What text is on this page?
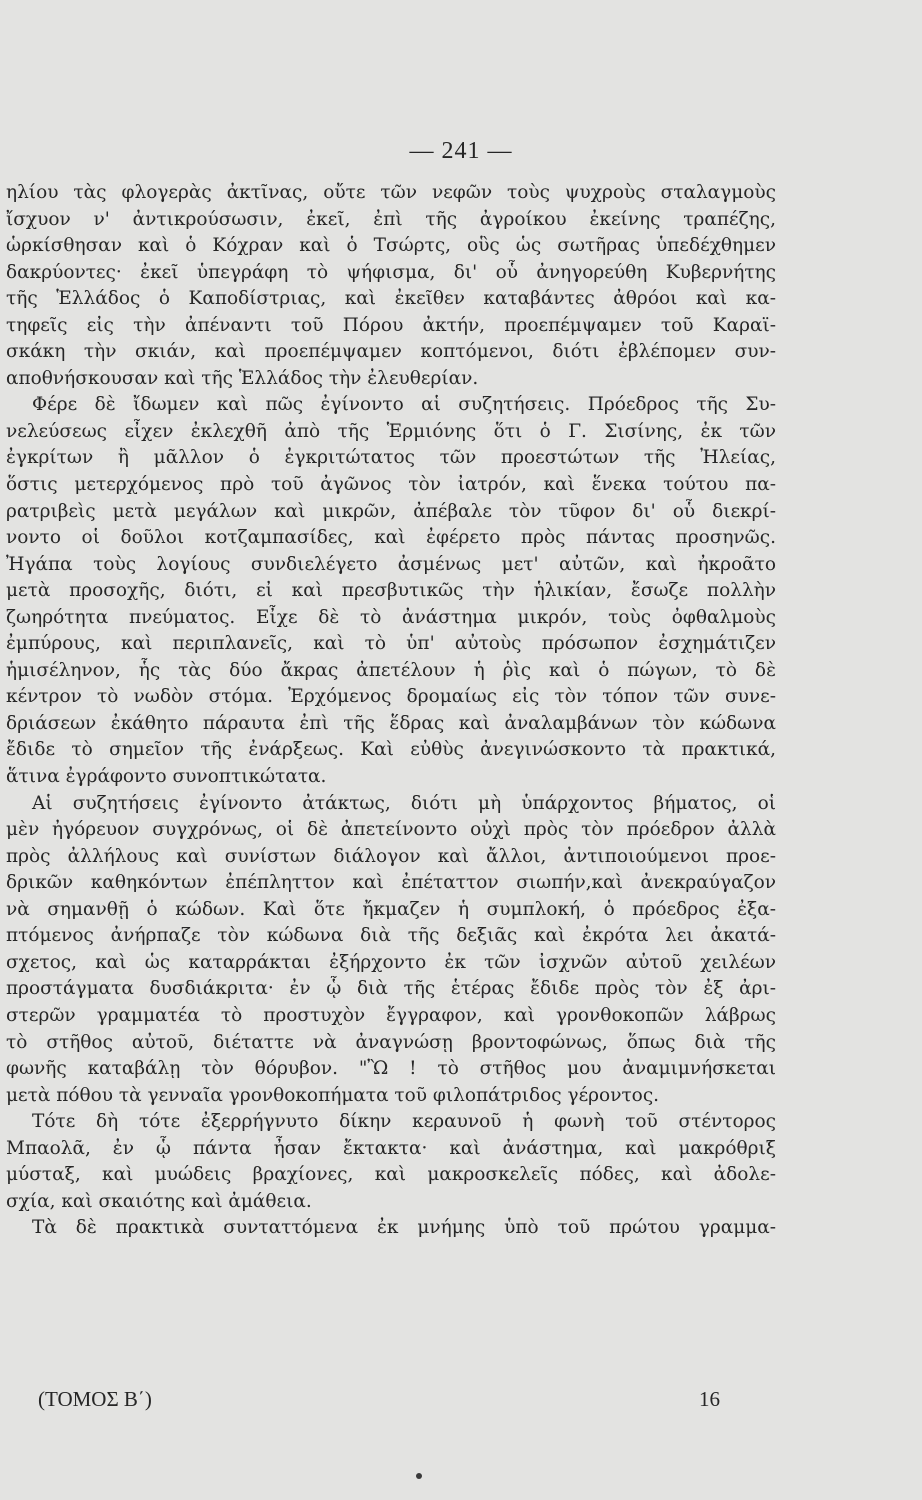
— 241 —
ηλίου τὰς φλογερὰς ἀκτῖνας, οὔτε τῶν νεφῶν τοὺς ψυχροὺς σταλαγμοὺς
ἴσχυον ν' ἀντικρούσωσιν, ἐκεῖ, ἐπὶ τῆς ἀγροίκου ἐκείνης τραπέζης,
ὡρκίσθησαν καὶ ὁ Κόχραν καὶ ὁ Τσώρτς, οὓς ὡς σωτῆρας ὑπεδέχθημεν
δακρύοντες· ἐκεῖ ὑπεγράφη τὸ ψήφισμα, δι' οὗ ἀνηγορεύθη Κυβερνήτης
τῆς Ἑλλάδος ὁ Καποδίστριας, καὶ ἐκεῖθεν καταβάντες ἀθρόοι καὶ κα-
τηφεῖς εἰς τὴν ἀπέναντι τοῦ Πόρου ἀκτήν, προεπέμψαμεν τοῦ Καραϊ-
σκάκη τὴν σκιάν, καὶ προεπέμψαμεν κοπτόμενοι, διότι ἐβλέπομεν συν-
αποθνήσκουσαν καὶ τῆς Ἑλλάδος τὴν ἐλευθερίαν.
Φέρε δὲ ἴδωμεν καὶ πῶς ἐγίνοντο αἱ συζητήσεις. Πρόεδρος τῆς Συ-
νελεύσεως εἶχεν ἐκλεχθῆ ἀπὸ τῆς Ἑρμιόνης ὅτι ὁ Γ. Σισίνης, ἐκ τῶν
ἐγκρίτων ἢ μᾶλλον ὁ ἐγκριτώτατος τῶν προεστώτων τῆς Ἠλείας,
ὅστις μετερχόμενος πρὸ τοῦ ἀγῶνος τὸν ἰατρόν, καὶ ἕνεκα τούτου πα-
ρατριβεὶς μετὰ μεγάλων καὶ μικρῶν, ἀπέβαλε τὸν τῦφον δι' οὗ διεκρί-
νοντο οἱ δοῦλοι κοτζαμπασίδες, καὶ ἐφέρετο πρὸς πάντας προσηνῶς.
Ἠγάπα τοὺς λογίους συνδιελέγετο ἀσμένως μετ' αὐτῶν, καὶ ἠκροᾶτο
μετὰ προσοχῆς, διότι, εἰ καὶ πρεσβυτικῶς τὴν ἡλικίαν, ἔσωζε πολλὴν
ζωηρότητα πνεύματος. Εἶχε δὲ τὸ ἀνάστημα μικρόν, τοὺς ὀφθαλμοὺς
ἐμπύρους, καὶ περιπλανεῖς, καὶ τὸ ὑπ' αὐτοὺς πρόσωπον ἐσχημάτιζεν
ἡμισέληνον, ἧς τὰς δύο ἄκρας ἀπετέλουν ἡ ῥὶς καὶ ὁ πώγων, τὸ δὲ
κέντρον τὸ νωδὸν στόμα. Ἐρχόμενος δρομαίως εἰς τὸν τόπον τῶν συνε-
δριάσεων ἐκάθητο πάραυτα ἐπὶ τῆς ἕδρας καὶ ἀναλαμβάνων τὸν κώδωνα
ἔδιδε τὸ σημεῖον τῆς ἐνάρξεως. Καὶ εὐθὺς ἀνεγινώσκοντο τὰ πρακτικά,
ἅτινα ἐγράφοντο συνοπτικώτατα.
Αἱ συζητήσεις ἐγίνοντο ἀτάκτως, διότι μὴ ὑπάρχοντος βήματος, οἱ
μὲν ἠγόρευον συγχρόνως, οἱ δὲ ἀπετείνοντο οὐχὶ πρὸς τὸν πρόεδρον ἀλλὰ
πρὸς ἀλλήλους καὶ συνίστων διάλογον καὶ ἄλλοι, ἀντιποιούμενοι προε-
δρικῶν καθηκόντων ἐπέπληττον καὶ ἐπέταττον σιωπήν,καὶ ἀνεκραύγαζον
νὰ σημανθῇ ὁ κώδων. Καὶ ὅτε ἤκμαζεν ἡ συμπλοκή, ὁ πρόεδρος ἐξα-
πτόμενος ἀνήρπαζε τὸν κώδωνα διὰ τῆς δεξιᾶς καὶ ἐκρότα λει ἀκατά-
σχετος, καὶ ὡς καταρράκται ἐξήρχοντο ἐκ τῶν ἰσχνῶν αὐτοῦ χειλέων
προστάγματα δυσδιάκριτα· ἐν ᾧ διὰ τῆς ἑτέρας ἔδιδε πρὸς τὸν ἐξ ἀρι-
στερῶν γραμματέα τὸ προστυχὸν ἔγγραφον, καὶ γρονθοκοπῶν λάβρως
τὸ στῆθος αὐτοῦ, διέταττε νὰ ἀναγνώσῃ βροντοφώνως, ὅπως διὰ τῆς
φωνῆς καταβάλῃ τὸν θόρυβον. "Ὢ ! τὸ στῆθος μου ἀναμιμνήσκεται
μετὰ πόθου τὰ γενναῖα γρονθοκοπήματα τοῦ φιλοπάτριδος γέροντος.
Τότε δὴ τότε ἐξερρήγνυτο δίκην κεραυνοῦ ἡ φωνὴ τοῦ στέντορος
Μπαολᾶ, ἐν ᾧ πάντα ἦσαν ἔκτακτα· καὶ ἀνάστημα, καὶ μακρόθριξ
μύσταξ, καὶ μυώδεις βραχίονες, καὶ μακροσκελεῖς πόδες, καὶ ἀδολε-
σχία, καὶ σκαιότης καὶ ἀμάθεια.
Τὰ δὲ πρακτικὰ συνταττόμενα ἐκ μνήμης ὑπὸ τοῦ πρώτου γραμμα-
(ΤΟΜΟΣ Β΄)	16
